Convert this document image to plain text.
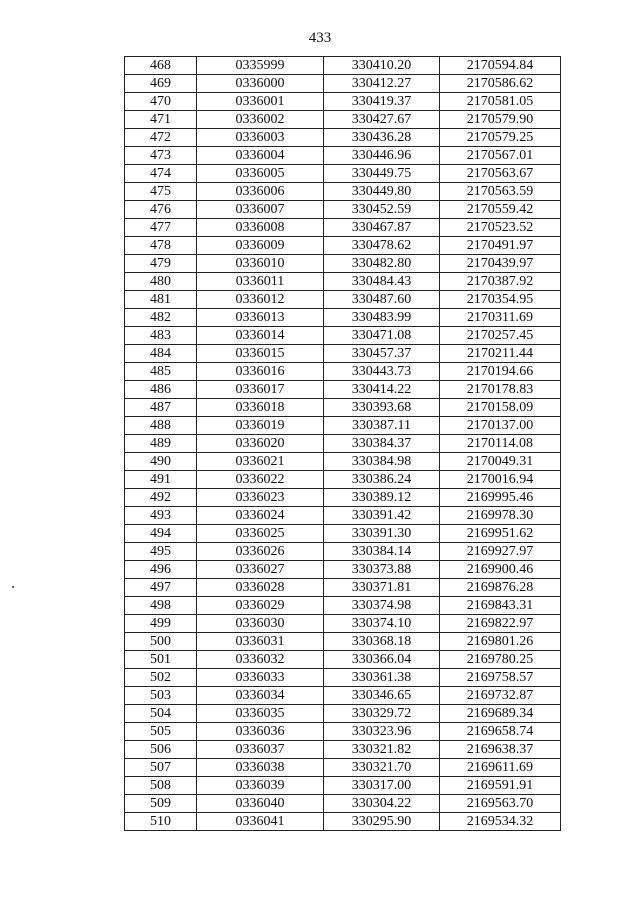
433
468	0335999	330410.20	2170594.84
469	0336000	330412.27	2170586.62
470	0336001	330419.37	2170581.05
471	0336002	330427.67	2170579.90
472	0336003	330436.28	2170579.25
473	0336004	330446.96	2170567.01
474	0336005	330449.75	2170563.67
475	0336006	330449.80	2170563.59
476	0336007	330452.59	2170559.42
477	0336008	330467.87	2170523.52
478	0336009	330478.62	2170491.97
479	0336010	330482.80	2170439.97
480	0336011	330484.43	2170387.92
481	0336012	330487.60	2170354.95
482	0336013	330483.99	2170311.69
483	0336014	330471.08	2170257.45
484	0336015	330457.37	2170211.44
485	0336016	330443.73	2170194.66
486	0336017	330414.22	2170178.83
487	0336018	330393.68	2170158.09
488	0336019	330387.11	2170137.00
489	0336020	330384.37	2170114.08
490	0336021	330384.98	2170049.31
491	0336022	330386.24	2170016.94
492	0336023	330389.12	2169995.46
493	0336024	330391.42	2169978.30
494	0336025	330391.30	2169951.62
495	0336026	330384.14	2169927.97
496	0336027	330373.88	2169900.46
497	0336028	330371.81	2169876.28
498	0336029	330374.98	2169843.31
499	0336030	330374.10	2169822.97
500	0336031	330368.18	2169801.26
501	0336032	330366.04	2169780.25
502	0336033	330361.38	2169758.57
503	0336034	330346.65	2169732.87
504	0336035	330329.72	2169689.34
505	0336036	330323.96	2169658.74
506	0336037	330321.82	2169638.37
507	0336038	330321.70	2169611.69
508	0336039	330317.00	2169591.91
509	0336040	330304.22	2169563.70
510	0336041	330295.90	2169534.32
